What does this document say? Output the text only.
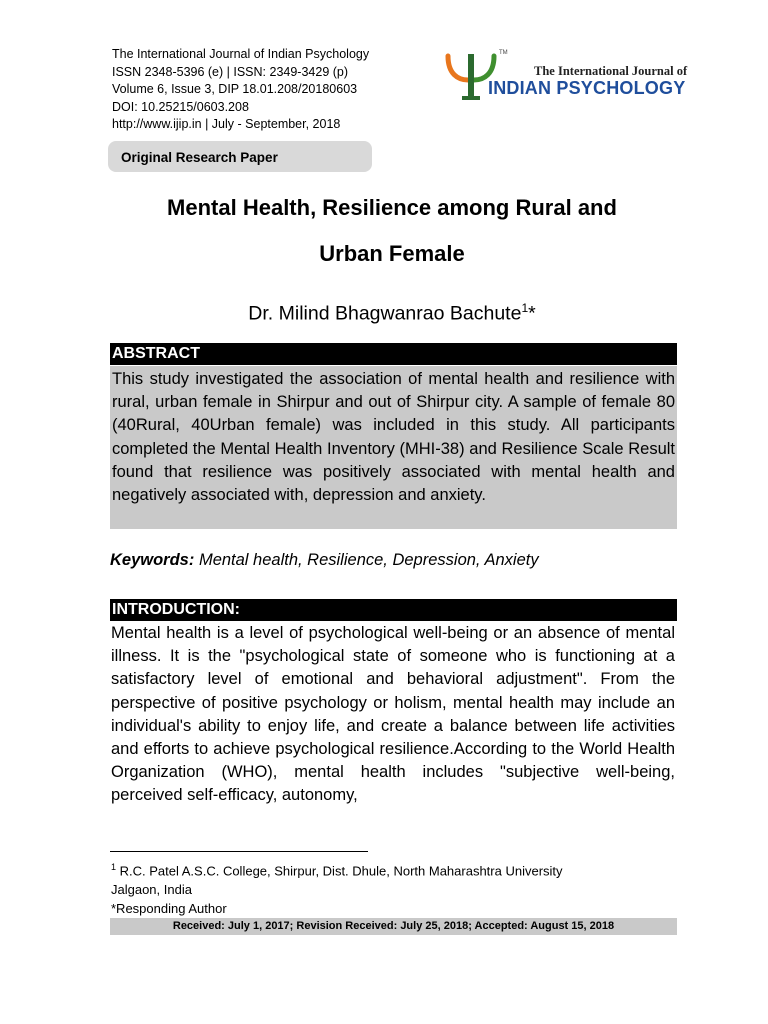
The International Journal of Indian Psychology
ISSN 2348-5396 (e) | ISSN: 2349-3429 (p)
Volume 6, Issue 3, DIP 18.01.208/20180603
DOI: 10.25215/0603.208
http://www.ijip.in | July - September, 2018
TM
The International Journal of
INDIAN PSYCHOLOGY
Original Research Paper
Mental Health, Resilience among Rural and
Urban Female
Dr. Milind Bhagwanrao Bachute$^1$*
ABSTRACT
This study investigated the association of mental health and resilience with rural, urban female in Shirpur and out of Shirpur city. A sample of female 80 (40Rural, 40Urban female) was included in this study. All participants completed the Mental Health Inventory (MHI-38) and Resilience Scale Result found that resilience was positively associated with mental health and negatively associated with, depression and anxiety.
Keywords: Mental health, Resilience, Depression, Anxiety
INTRODUCTION:
Mental health is a level of psychological well-being or an absence of mental illness. It is the "psychological state of someone who is functioning at a satisfactory level of emotional and behavioral adjustment". From the perspective of positive psychology or holism, mental health may include an individual's ability to enjoy life, and create a balance between life activities and efforts to achieve psychological resilience.According to the World Health Organization (WHO), mental health includes "subjective well-being, perceived self-efficacy, autonomy,
$^1$ R.C. Patel A.S.C. College, Shirpur, Dist. Dhule, North Maharashtra University
Jalgaon, India
*Responding Author
Received: July 1, 2017; Revision Received: July 25, 2018; Accepted: August 15, 2018
